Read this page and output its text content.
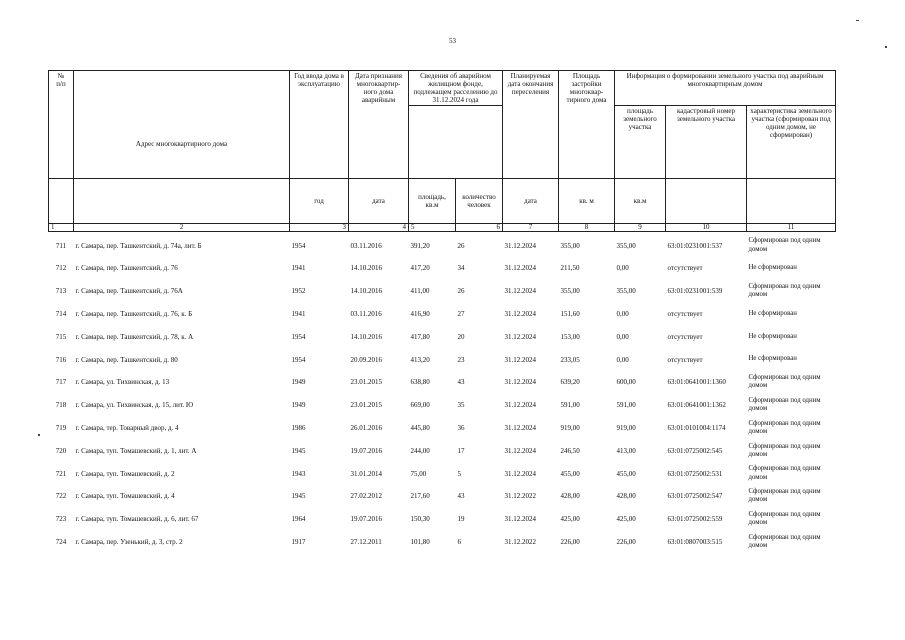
53
№
п/п	Адрес многоквартирного дома	Год ввода дома в эксплуатацию	Дата признания многоквартир-ного дома аварийным	Сведения об аварийном жилищном фонде, подлежащем расселению до 31.12.2024 года		Планируемая дата окончания переселения	Площадь застройки многоквар-тирного дома	Информация о формировании земельного участка под аварийным многоквартирным домом		
								площадь земельного участка	кадастровый номер земельного участка	характеристика земельного участка (сформирован под одним домом, не сформирован)
		год	дата	площадь, кв.м	количество человек	дата	кв. м	кв.м		
1	2	3	4	5	6	7	8	9	10	11
711	г. Самара, пер. Ташкентский, д. 74а, лит. Б	1954	03.11.2016	391,20	26	31.12.2024	355,00	355,00	63:01:0231001:537	Сформирован под одним домом
712	г. Самара, пер. Ташкентский, д. 76	1941	14.10.2016	417,20	34	31.12.2024	211,50	0,00	отсутствует	Не сформирован
713	г. Самара, пер. Ташкентский, д. 76А	1952	14.10.2016	411,00	26	31.12.2024	355,00	355,00	63:01:0231001:539	Сформирован под одним домом
714	г. Самара, пер. Ташкентский, д. 76, к. Б	1941	03.11.2016	416,90	27	31.12.2024	151,60	0,00	отсутствует	Не сформирован
715	г. Самара, пер. Ташкентский, д. 78, к. А	1954	14.10.2016	417,80	20	31.12.2024	153,00	0,00	отсутствует	Не сформирован
716	г. Самара, пер. Ташкентский, д. 80	1954	20.09.2016	413,20	23	31.12.2024	233,05	0,00	отсутствует	Не сформирован
717	г. Самара, ул. Тихвинская, д. 13	1949	23.01.2015	638,80	43	31.12.2024	639,20	600,00	63:01:0641001:1360	Сформирован под одним домом
718	г. Самара, ул. Тихвинская, д. 15, лит. Ю	1949	23.01.2015	669,00	35	31.12.2024	591,00	591,00	63:01:0641001:1362	Сформирован под одним домом
719	г. Самара, тер. Товарный двор, д. 4	1986	26.01.2016	445,80	36	31.12.2024	919,00	919,00	63:01:0101004:1174	Сформирован под одним домом
720	г. Самара, туп. Томашевский, д. 1, лит. А	1945	19.07.2016	244,00	17	31.12.2024	246,50	413,00	63:01:0725002:545	Сформирован под одним домом
721	г. Самара, туп. Томашевский, д. 2	1943	31.01.2014	75,00	5	31.12.2024	455,00	455,00	63:01:0725002:531	Сформирован под одним домом
722	г. Самара, туп. Томашевский, д. 4	1945	27.02.2012	217,60	43	31.12.2022	428,00	428,00	63:01:0725002:547	Сформирован под одним домом
723	г. Самара, туп. Томашевский, д. 6, лит. 67	1964	19.07.2016	150,30	19	31.12.2024	425,00	425,00	63:01:0725002:559	Сформирован под одним домом
724	г. Самара, пер. Узенький, д. 3, стр. 2	1917	27.12.2011	101,80	6	31.12.2022	226,00	226,00	63:01:0807003:515	Сформирован под одним домом
